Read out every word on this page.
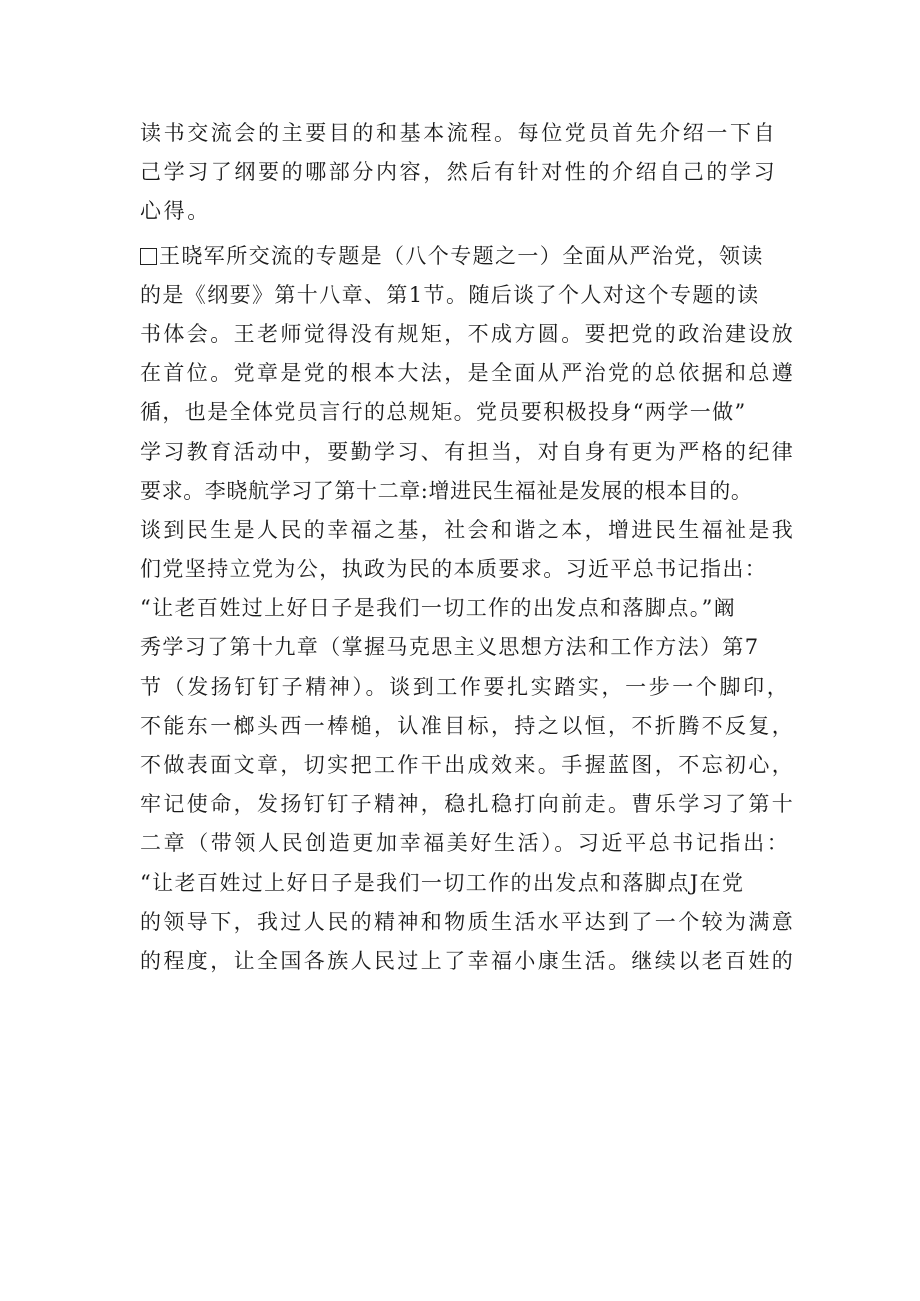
读书交流会的主要目的和基本流程。每位党员首先介绍一下自
己学习了纲要的哪部分内容，然后有针对性的介绍自己的学习
心得。
王晓军所交流的专题是（八个专题之一）全面从严治党，领读
的是《纲要》第十八章、第1节。随后谈了个人对这个专题的读
书体会。王老师觉得没有规矩，不成方圆。要把党的政治建设放
在首位。党章是党的根本大法，是全面从严治党的总依据和总遵
循，也是全体党员言行的总规矩。党员要积极投身“两学一做”
学习教育活动中，要勤学习、有担当，对自身有更为严格的纪律
要求。李晓航学习了第十二章:增进民生福祉是发展的根本目的。
谈到民生是人民的幸福之基，社会和谐之本，增进民生福祉是我
们党坚持立党为公，执政为民的本质要求。习近平总书记指出：
“让老百姓过上好日子是我们一切工作的出发点和落脚点。”阚
秀学习了第十九章（掌握马克思主义思想方法和工作方法）第7
节（发扬钉钉子精神）。谈到工作要扎实踏实，一步一个脚印，
不能东一榔头西一棒槌，认准目标，持之以恒，不折腾不反复，
不做表面文章，切实把工作干出成效来。手握蓝图，不忘初心，
牢记使命，发扬钉钉子精神，稳扎稳打向前走。曹乐学习了第十
二章（带领人民创造更加幸福美好生活）。习近平总书记指出：
“让老百姓过上好日子是我们一切工作的出发点和落脚点J在党
的领导下，我过人民的精神和物质生活水平达到了一个较为满意
的程度，让全国各族人民过上了幸福小康生活。继续以老百姓的
